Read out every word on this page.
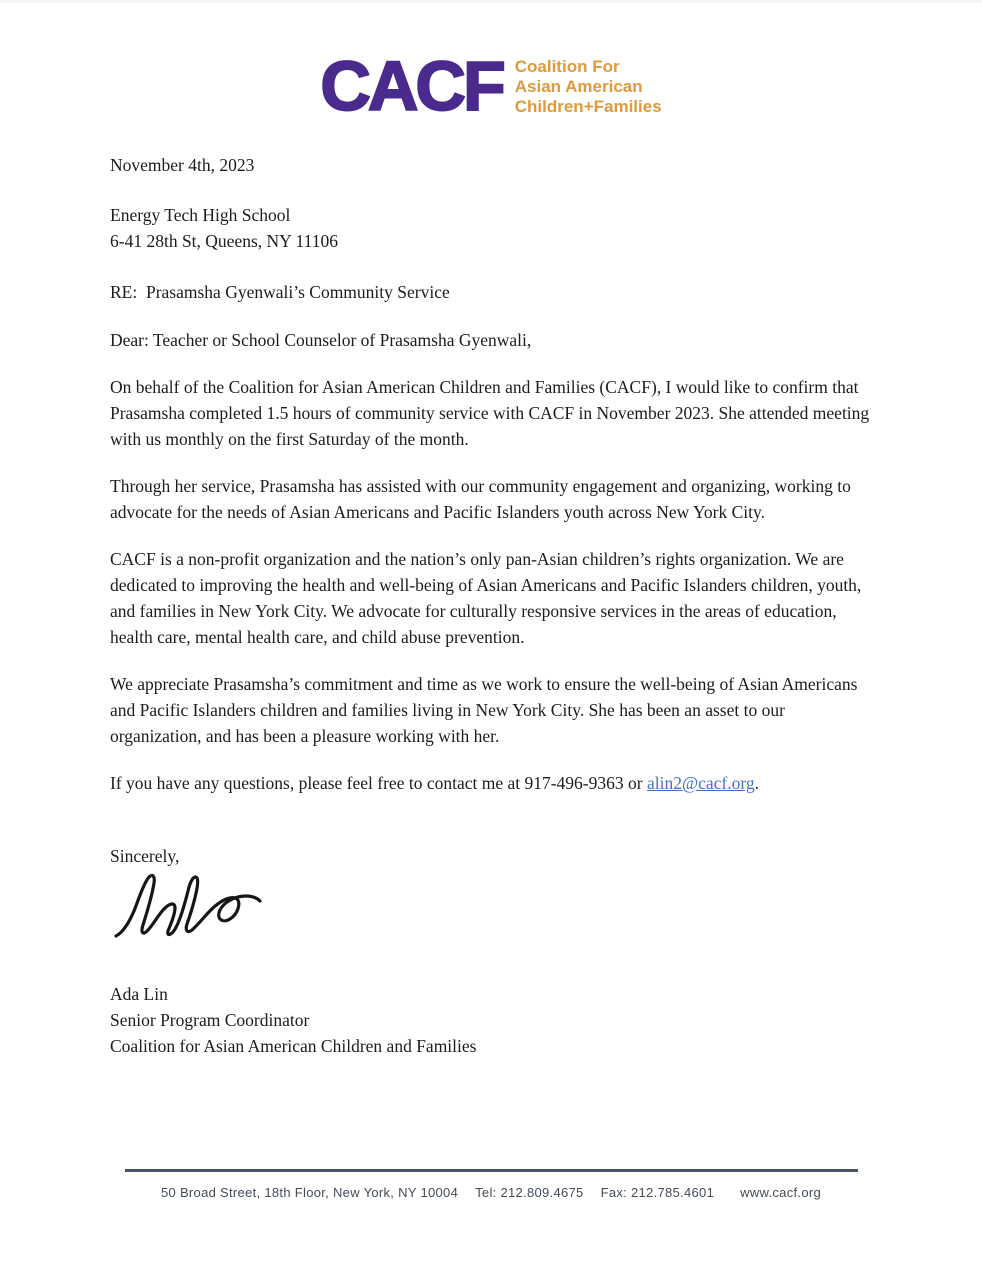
CACF Coalition For
Asian American
Children+Families

November 4th, 2023

Energy Tech High School

6-41 28th St, Queens, NY 11106

RE:  Prasamsha Gyenwali’s Community Service

Dear: Teacher or School Counselor of Prasamsha Gyenwali,

On behalf of the Coalition for Asian American Children and Families (CACF), I would like to confirm that Prasamsha completed 1.5 hours of community service with CACF in November 2023. She attended meeting with us monthly on the first Saturday of the month.

Through her service, Prasamsha has assisted with our community engagement and organizing, working to advocate for the needs of Asian Americans and Pacific Islanders youth across New York City.

CACF is a non-profit organization and the nation’s only pan-Asian children’s rights organization. We are dedicated to improving the health and well-being of Asian Americans and Pacific Islanders children, youth, and families in New York City. We advocate for culturally responsive services in the areas of education, health care, mental health care, and child abuse prevention.

We appreciate Prasamsha’s commitment and time as we work to ensure the well-being of Asian Americans and Pacific Islanders children and families living in New York City. She has been an asset to our organization, and has been a pleasure working with her.

If you have any questions, please feel free to contact me at 917-496-9363 or alin2@cacf.org.

Sincerely,

Ada Lin

Senior Program Coordinator

Coalition for Asian American Children and Families

50 Broad Street, 18th Floor, New York, NY 10004 Tel: 212.809.4675 Fax: 212.785.4601 www.cacf.org
